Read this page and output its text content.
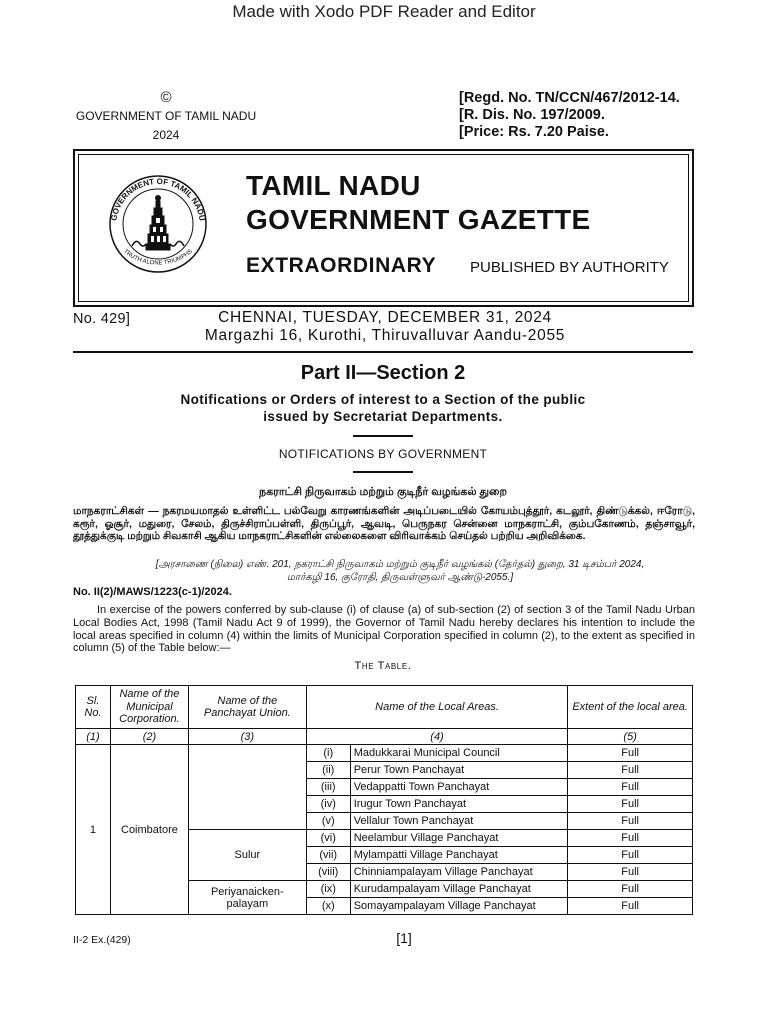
Made with Xodo PDF Reader and Editor
©
GOVERNMENT OF TAMIL NADU
2024
[Regd. No. TN/CCN/467/2012-14.
[R. Dis. No. 197/2009.
[Price: Rs. 7.20 Paise.
GOVERNMENT OF TAMIL NADU
TRUTH ALONE TRIUMPHS
TAMIL NADU
GOVERNMENT GAZETTE
EXTRAORDINARY PUBLISHED BY AUTHORITY
No. 429]	CHENNAI, TUESDAY, DECEMBER 31, 2024
Margazhi 16, Kurothi, Thiruvalluvar Aandu-2055
Part II—Section 2
Notifications or Orders of interest to a Section of the public
issued by Secretariat Departments.
NOTIFICATIONS BY GOVERNMENT
நகராட்சி நிருவாகம் மற்றும் குடிநீர் வழங்கல் துறை
மாநகராட்சிகள் — நகரமயமாதல் உள்ளிட்ட பல்வேறு காரணங்களின் அடிப்படையில் கோயம்புத்தூர், கடலூர், திண்டுக்கல், ஈரோடு, கரூர், ஓசூர், மதுரை, சேலம், திருச்சிராப்பள்ளி, திருப்பூர், ஆவடி, பெருநகர சென்னை மாநகராட்சி, கும்பகோணம், தஞ்சாவூர், தூத்துக்குடி மற்றும் சிவகாசி ஆகிய மாநகராட்சிகளின் எல்லைகளை விரிவாக்கம் செய்தல் பற்றிய அறிவிக்கை.
[அரசாணை (நிலை) எண். 201, நகராட்சி நிருவாகம் மற்றும் குடிநீர் வழங்கல் (தேர்தல்) துறை, 31 டிசம்பர் 2024,
மார்கழி 16, குரோதி, திருவள்ளுவர் ஆண்டு-2055.]
No. II(2)/MAWS/1223(c-1)/2024.
In exercise of the powers conferred by sub-clause (i) of clause (a) of sub-section (2) of section 3 of the Tamil Nadu Urban Local Bodies Act, 1998 (Tamil Nadu Act 9 of 1999), the Governor of Tamil Nadu hereby declares his intention to include the local areas specified in column (4) within the limits of Municipal Corporation specified in column (2), to the extent as specified in column (5) of the Table below:—
The Table.
Sl. No.	Name of the Municipal Corporation.	Name of the Panchayat Union.	Name of the Local Areas.		Extent of the local area.
(1)	(2)	(3)	(4)		(5)
1	Coimbatore		(i)	Madukkarai Municipal Council	Full
			(ii)	Perur Town Panchayat	Full
			(iii)	Vedappatti Town Panchayat	Full
			(iv)	Irugur Town Panchayat	Full
			(v)	Vellalur Town Panchayat	Full
		Sulur	(vi)	Neelambur Village Panchayat	Full
			(vii)	Mylampatti Village Panchayat	Full
			(viii)	Chinniampalayam Village Panchayat	Full
		Periyanaicken-palayam	(ix)	Kurudampalayam Village Panchayat	Full
			(x)	Somayampalayam Village Panchayat	Full
II-2 Ex.(429)	[1]
